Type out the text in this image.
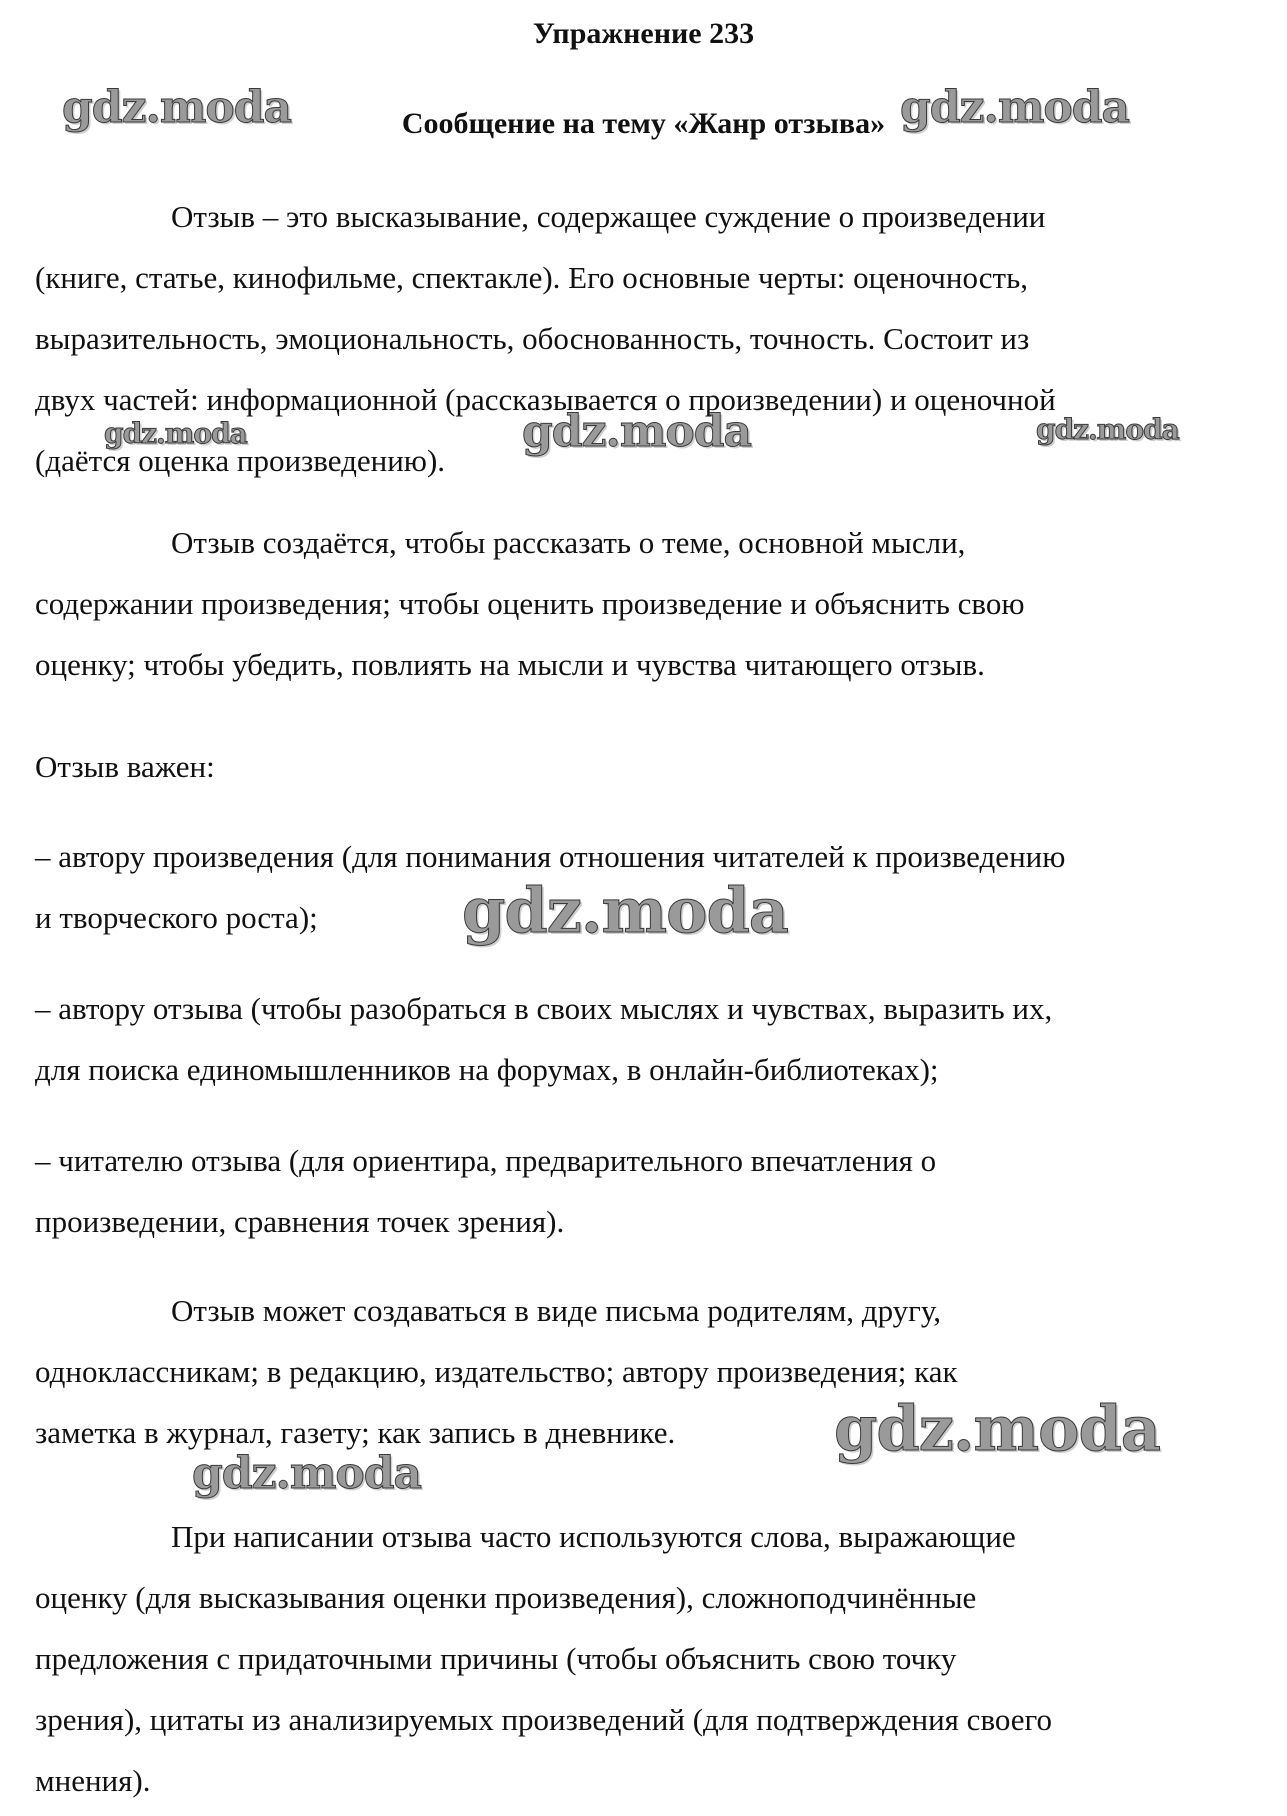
Упражнение 233
Сообщение на тему «Жанр отзыва»
Отзыв – это высказывание, содержащее суждение о произведении
(книге, статье, кинофильме, спектакле). Его основные черты: оценочность,
выразительность, эмоциональность, обоснованность, точность. Состоит из
двух частей: информационной (рассказывается о произведении) и оценочной
(даётся оценка произведению).
Отзыв создаётся, чтобы рассказать о теме, основной мысли,
содержании произведения; чтобы оценить произведение и объяснить свою
оценку; чтобы убедить, повлиять на мысли и чувства читающего отзыв.
Отзыв важен:
– автору произведения (для понимания отношения читателей к произведению
и творческого роста);
– автору отзыва (чтобы разобраться в своих мыслях и чувствах, выразить их,
для поиска единомышленников на форумах, в онлайн-библиотеках);
– читателю отзыва (для ориентира, предварительного впечатления о
произведении, сравнения точек зрения).
Отзыв может создаваться в виде письма родителям, другу,
одноклассникам; в редакцию, издательство; автору произведения; как
заметка в журнал, газету; как запись в дневнике.
При написании отзыва часто используются слова, выражающие
оценку (для высказывания оценки произведения), сложноподчинённые
предложения с придаточными причины (чтобы объяснить свою точку
зрения), цитаты из анализируемых произведений (для подтверждения своего
мнения).
gdz.moda	gdz.moda
gdz.moda	gdz.moda	gdz.moda
gdz.moda
gdz.moda
gdz.moda
